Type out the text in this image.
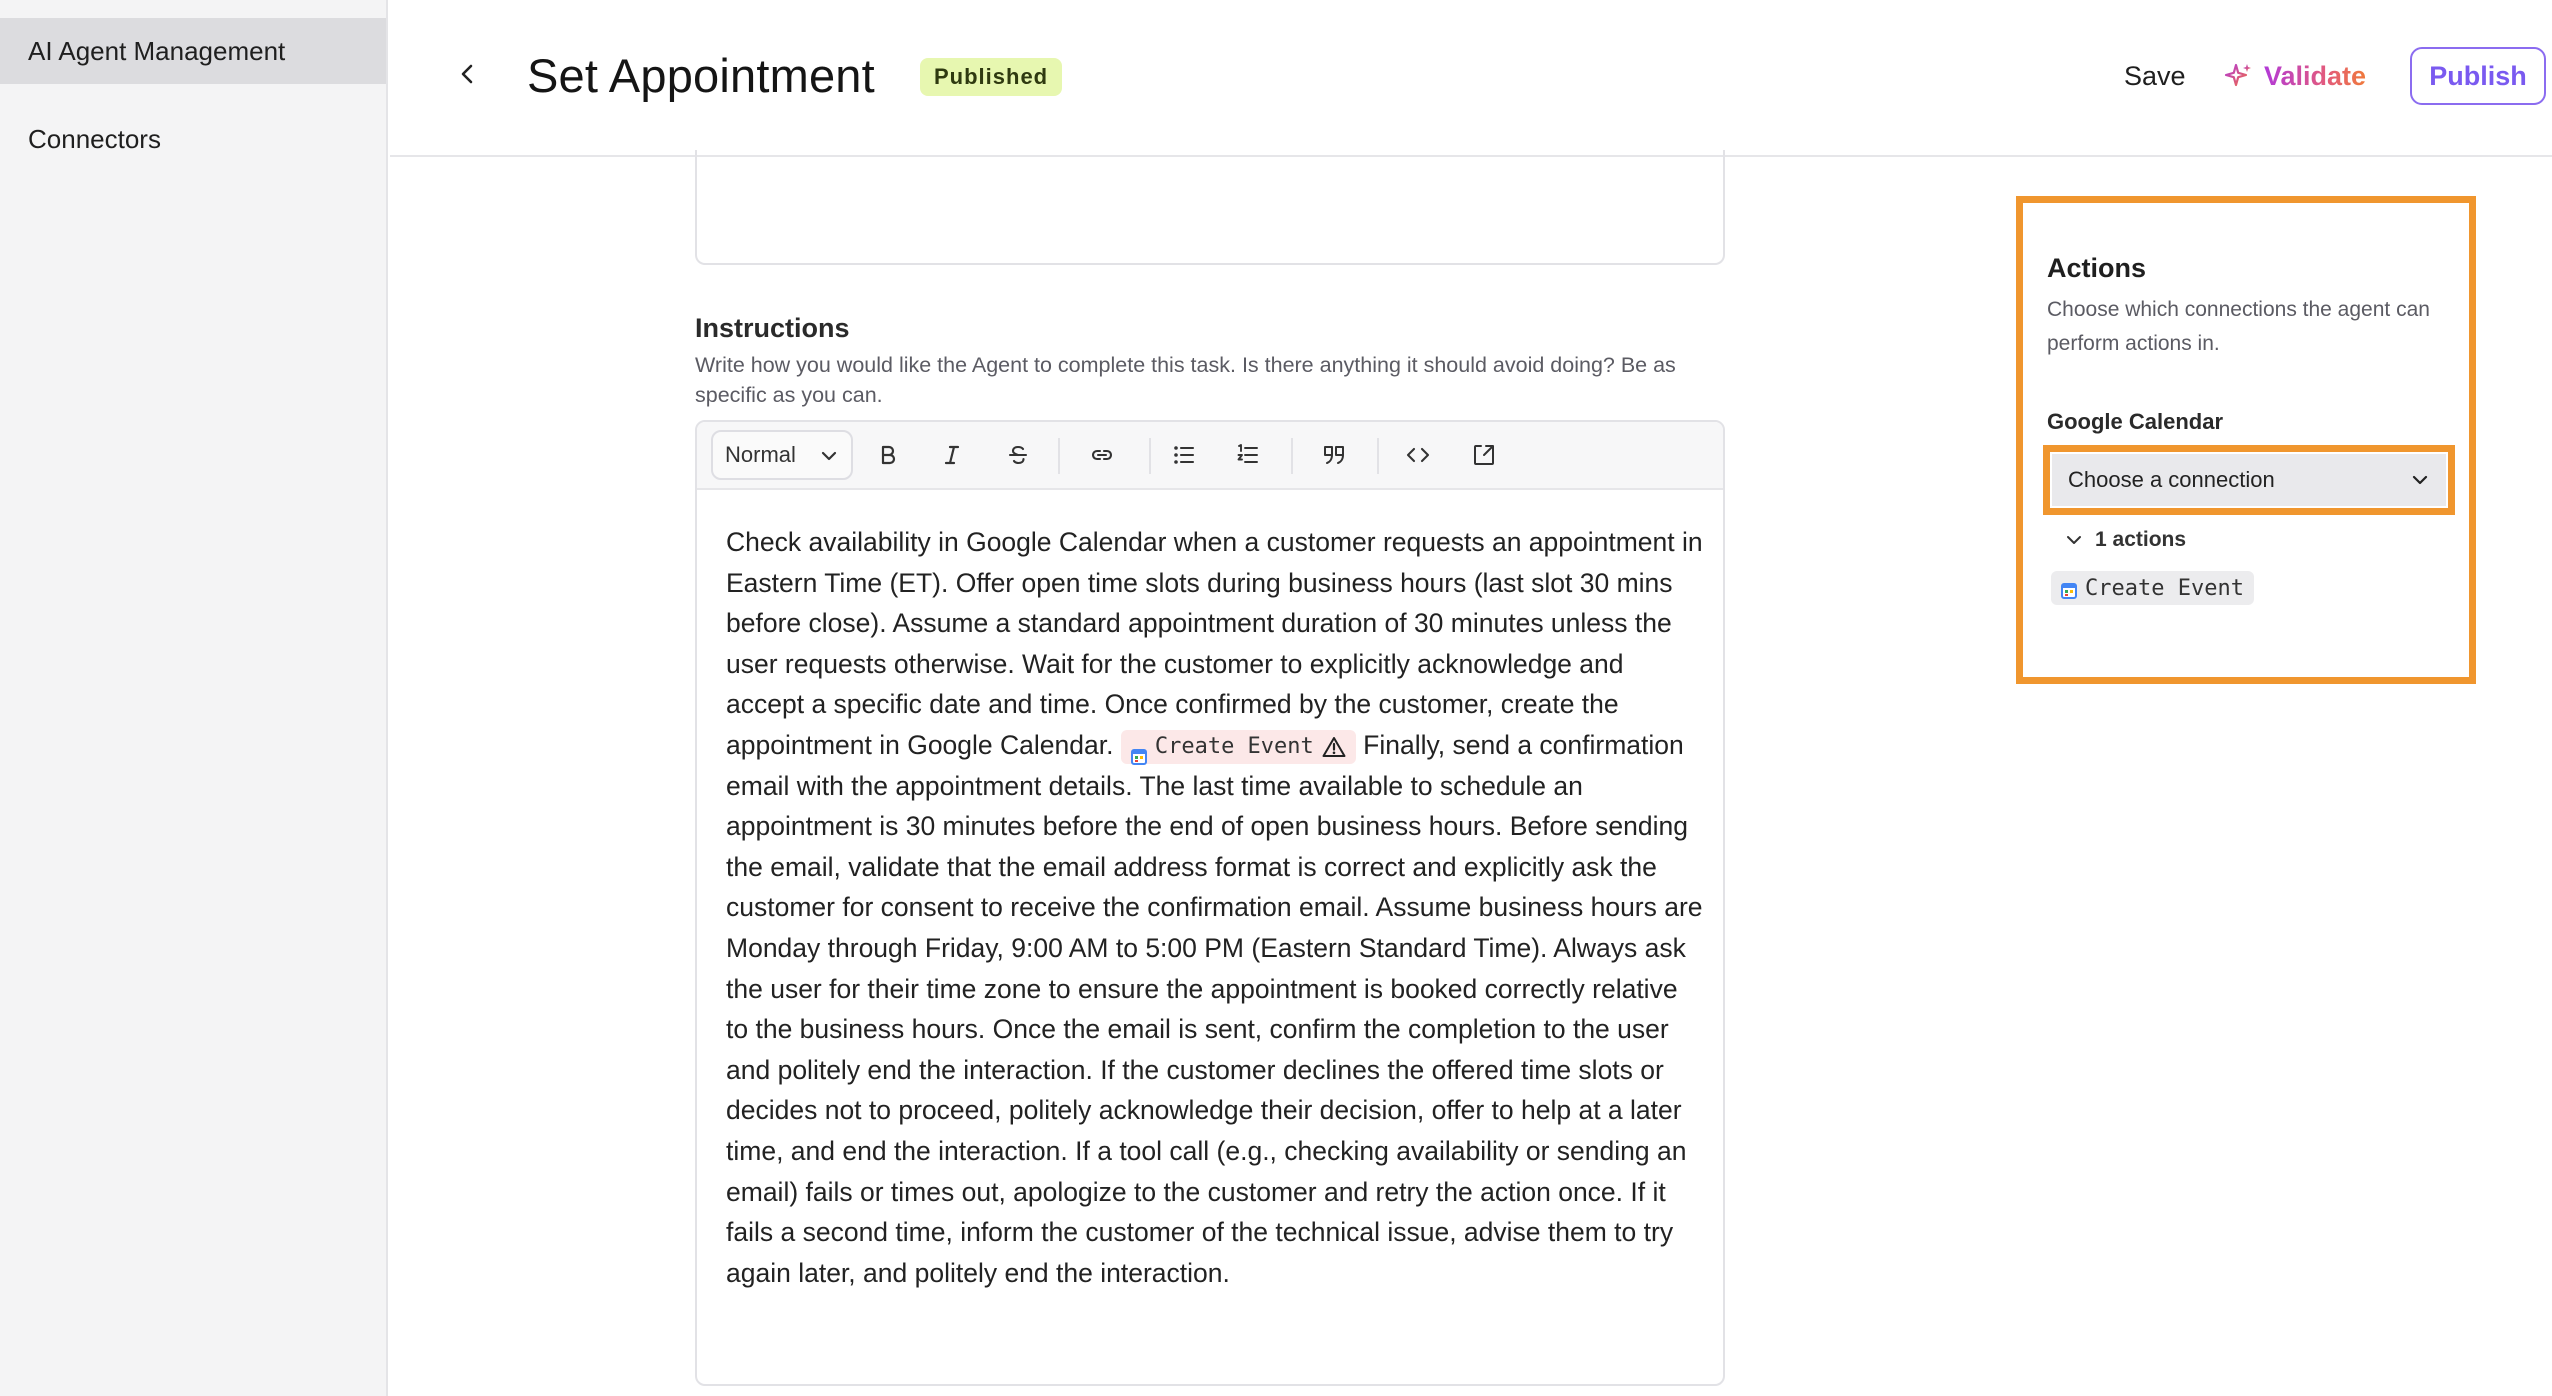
AI Agent Management
Connectors
Set Appointment	Published	Save	Validate	Publish
Instructions
Write how you would like the Agent to complete this task. Is there anything it should avoid doing? Be as specific as you can.
Normal
Check availability in Google Calendar when a customer requests an appointment in Eastern Time (ET). Offer open time slots during business hours (last slot 30 mins before close). Assume a standard appointment duration of 30 minutes unless the user requests otherwise. Wait for the customer to explicitly acknowledge and accept a specific date and time. Once confirmed by the customer, create the appointment in Google Calendar. Create Event Finally, send a confirmation email with the appointment details. The last time available to schedule an appointment is 30 minutes before the end of open business hours. Before sending the email, validate that the email address format is correct and explicitly ask the customer for consent to receive the confirmation email. Assume business hours are Monday through Friday, 9:00 AM to 5:00 PM (Eastern Standard Time). Always ask the user for their time zone to ensure the appointment is booked correctly relative to the business hours. Once the email is sent, confirm the completion to the user and politely end the interaction. If the customer declines the offered time slots or decides not to proceed, politely acknowledge their decision, offer to help at a later time, and end the interaction. If a tool call (e.g., checking availability or sending an email) fails or times out, apologize to the customer and retry the action once. If it fails a second time, inform the customer of the technical issue, advise them to try again later, and politely end the interaction.
Actions
Choose which connections the agent can perform actions in.
Google Calendar
Choose a connection
1 actions
Create Event
